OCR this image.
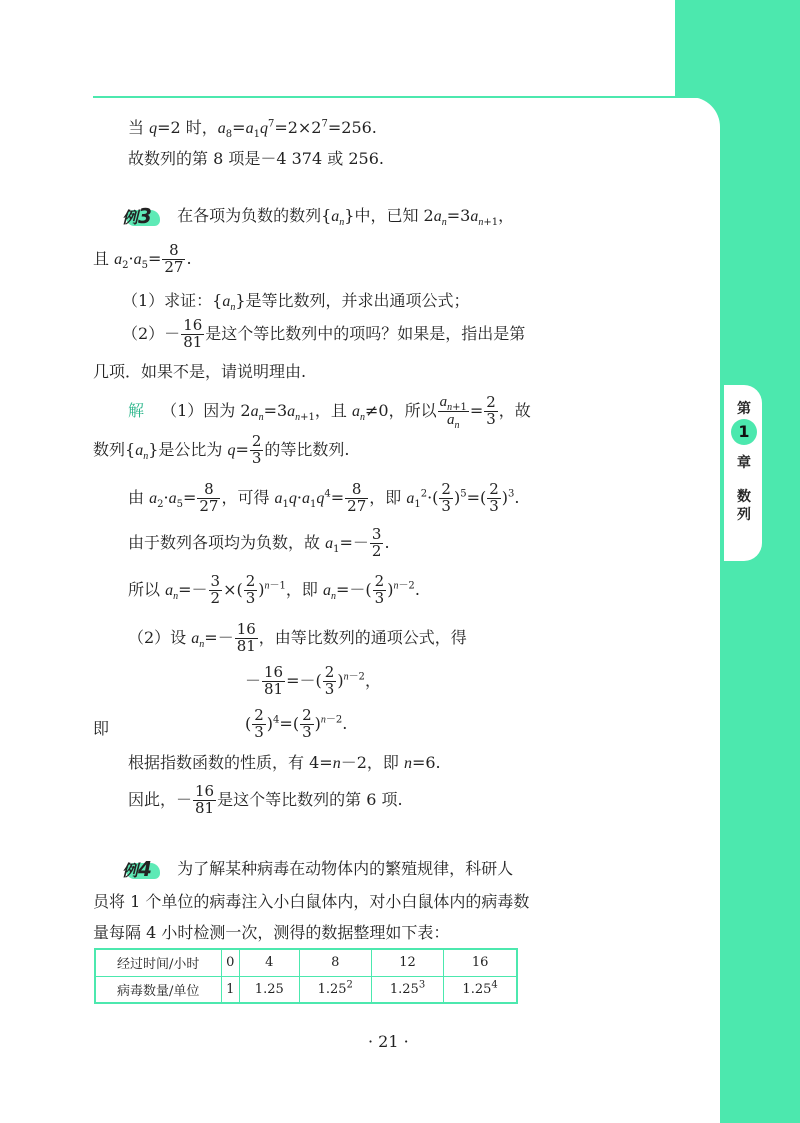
第
1
章
数
列
当 q=2 时，$a_8=a_1q^7=2\times 2^7=256$.
故数列的第 8 项是－4 374 或 256.
例3 在各项为负数的数列$\{a_n\}$中，已知 $2a_n=3a_{n+1}$，
且 $a_2\cdot a_5= \frac{8}{27}$ .
（1）求证：$\{a_n\}$是等比数列，并求出通项公式；
$(2)- \frac{16}{81}$ 是这个等比数列中的项吗？如果是，指出是第
几项．如果不是，请说明理由.
解 （1）因为 $2a_n=3a_{n+1}$，且 $a_n\ne 0$，所以 $\frac{a_{n+1}}{a_n} = \frac{2}{3}$ ，故
数列$\{a_n\}$是公比为 $q= \frac{2}{3}$ 的等比数列.
由 $a_2\cdot a_5= \frac{8}{27}$ ，可得 $a_1q\cdot a_1q^4= \frac{8}{27}$ ，即 $a_1^2\cdot( \frac{2}{3} )^5=( \frac{2}{3} )^3$.
由于数列各项均为负数，故 $a_1=- \frac{3}{2}$ .
所以 $a_n=- \frac{3}{2}$ ×( $\frac{2}{3} )^{n-1}$，即 $a_n=-( \frac{2}{3} )^{n-2}$.
（2）设 $a_n=- \frac{16}{81}$ ，由等比数列的通项公式，得
－ $\frac{16}{81}$ =－( $\frac{2}{3} )^{n-2}$，
即	( $\frac{2}{3} )^4=( \frac{2}{3} )^{n-2}$.
根据指数函数的性质，有 4=n－2，即 n=6.
因此，－ $\frac{16}{81}$ 是这个等比数列的第 6 项.
例4 为了解某种病毒在动物体内的繁殖规律，科研人
员将 1 个单位的病毒注入小白鼠体内，对小白鼠体内的病毒数
量每隔 4 小时检测一次，测得的数据整理如下表：
经过时间/小时	0	4	8	12	16
病毒数量/单位	1	1.25	1.25$^2$	1.25$^3$	$1.25^4$
· 21 ·
